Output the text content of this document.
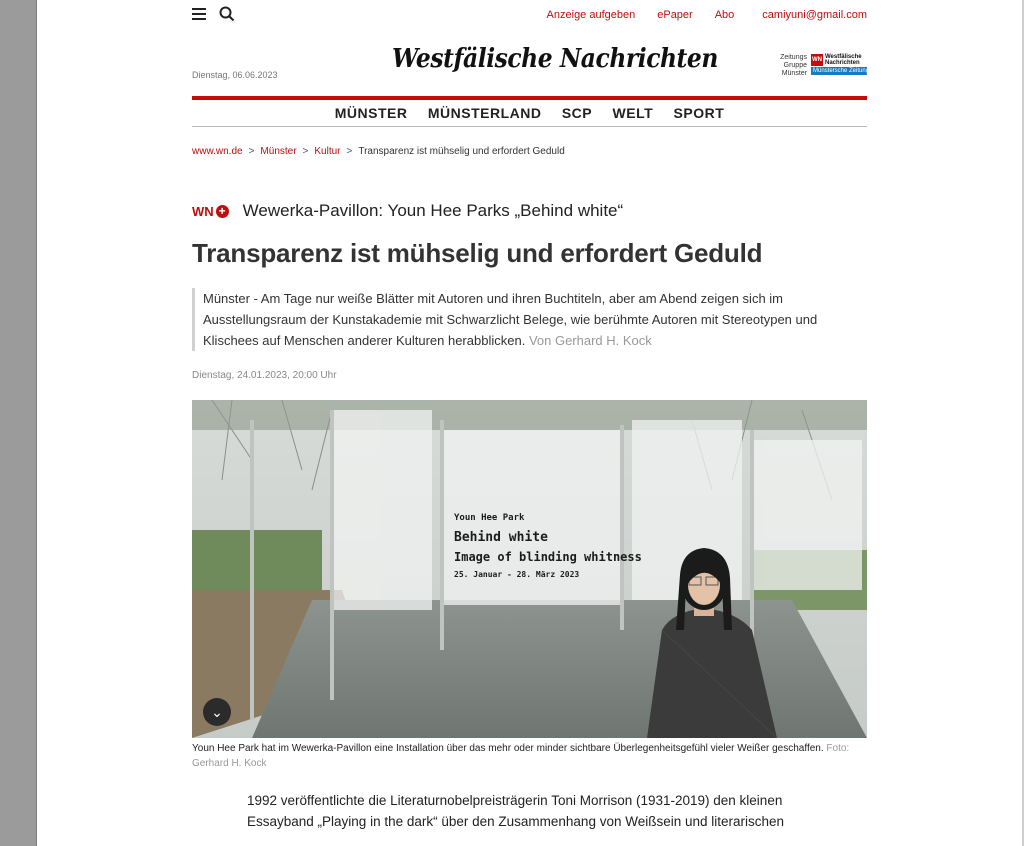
Anzeige aufgeben ePaper Abo	camiyuni@gmail.com
Dienstag, 06.06.2023
Westfälische Nachrichten	Zeitungs
Gruppe
Münster
WN Westfälische
Nachrichten
Münstersche Zeitung
MÜNSTER MÜNSTERLAND SCP WELT SPORT
www.wn.de > Münster > Kultur > Transparenz ist mühselig und erfordert Geduld
WN + Wewerka-Pavillon: Youn Hee Parks „Behind white“
Transparenz ist mühselig und erfordert Geduld
Münster - Am Tage nur weiße Blätter mit Autoren und ihren Buchtiteln, aber am Abend zeigen sich im Ausstellungsraum der Kunstakademie mit Schwarzlicht Belege, wie berühmte Autoren mit Stereotypen und Klischees auf Menschen anderer Kulturen herabblicken. Von Gerhard H. Kock
Dienstag, 24.01.2023, 20:00 Uhr
Youn Hee Park
Behind white
Image of blinding whitness
25. Januar - 28. März 2023
⌄
Youn Hee Park hat im Wewerka-Pavillon eine Installation über das mehr oder minder sichtbare Überlegenheitsgefühl vieler Weißer geschaffen. Foto: Gerhard H. Kock
1992 veröffentlichte die Literaturnobelpreisträgerin Toni Morrison (1931-2019) den kleinen
Essayband „Playing in the dark“ über den Zusammenhang von Weißsein und literarischen
